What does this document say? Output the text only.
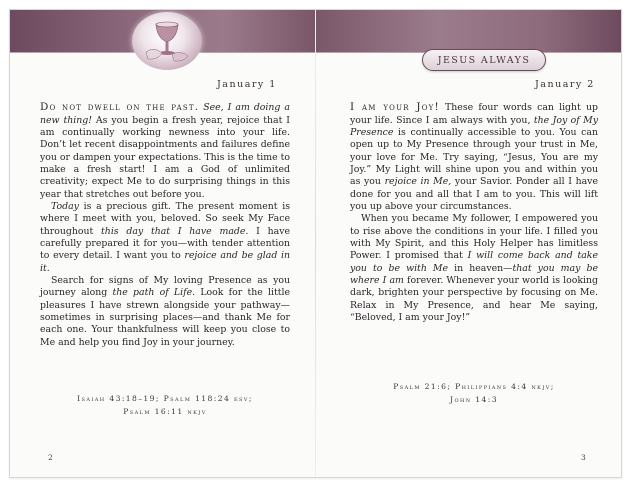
JESUS ALWAYS
January 1

Do not dwell on the past. See, I am doing a new thing! As you begin a fresh year, rejoice that I am continually working newness into your life. Don’t let recent disappointments and failures define you or dampen your expectations. This is the time to make a fresh start! I am a God of unlimited creativity; expect Me to do surprising things in this year that stretches out before you.

Today is a precious gift. The present moment is where I meet with you, beloved. So seek My Face throughout this day that I have made. I have carefully prepared it for you—with tender attention to every detail. I want you to rejoice and be glad in it.

Search for signs of My loving Presence as you journey along the path of Life. Look for the little pleasures I have strewn alongside your pathway—sometimes in surprising places—and thank Me for each one. Your thankfulness will keep you close to Me and help you find Joy in your journey.

Isaiah 43:18–19; Psalm 118:24 esv;
Psalm 16:11 nkjv
2
January 2

I am your Joy! These four words can light up your life. Since I am always with you, the Joy of My Presence is continually accessible to you. You can open up to My Presence through your trust in Me, your love for Me. Try saying, “Jesus, You are my Joy.” My Light will shine upon you and within you as you rejoice in Me, your Savior. Ponder all I have done for you and all that I am to you. This will lift you up above your circumstances.

When you became My follower, I empowered you to rise above the conditions in your life. I filled you with My Spirit, and this Holy Helper has limitless Power. I promised that I will come back and take you to be with Me in heaven—that you may be where I am forever. Whenever your world is looking dark, brighten your perspective by focusing on Me. Relax in My Presence, and hear Me saying, “Beloved, I am your Joy!”

Psalm 21:6; Philippians 4:4 nkjv;
John 14:3
3
